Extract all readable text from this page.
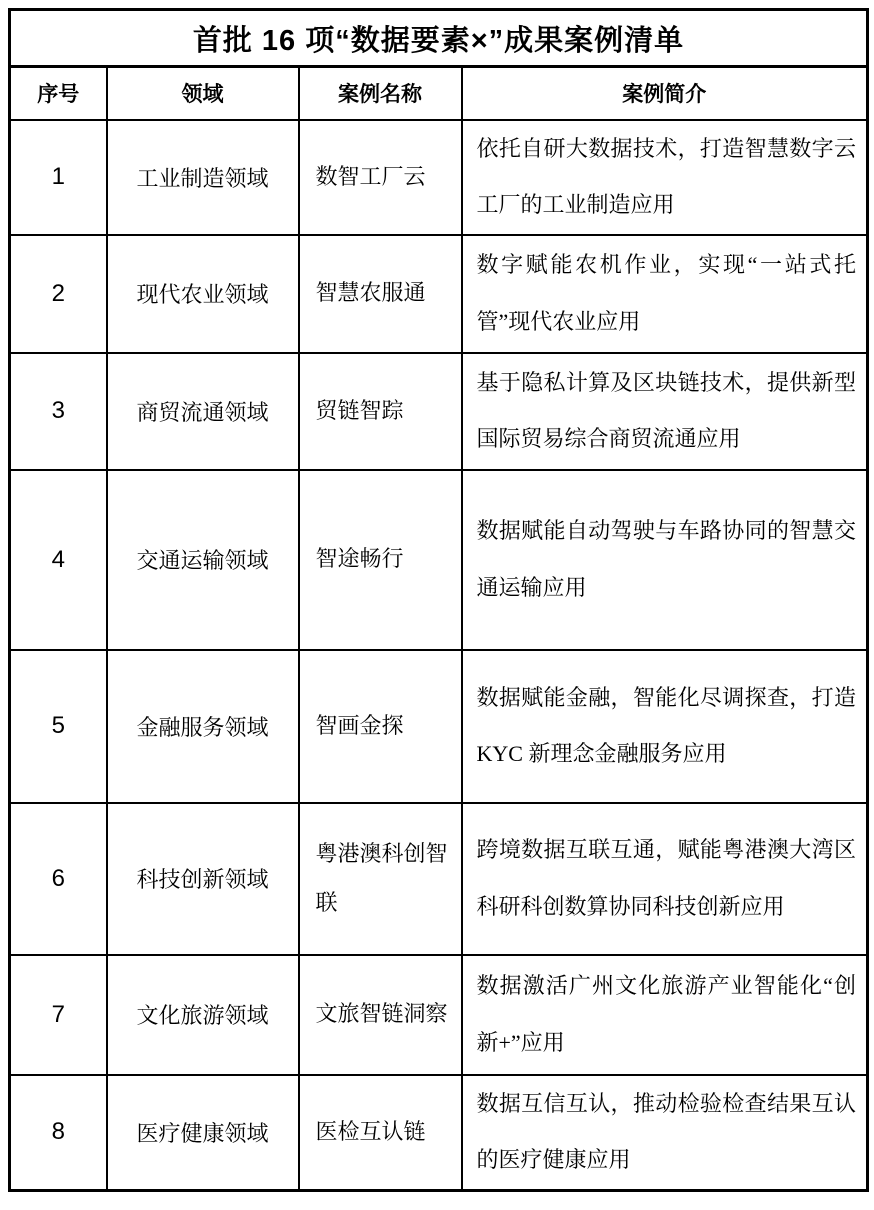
首批 16 项“数据要素×”成果案例清单			
序号	领域	案例名称	案例简介
1	工业制造领域	数智工厂云	依托自研大数据技术，打造智慧数字云工厂的工业制造应用
2	现代农业领域	智慧农服通	数字赋能农机作业，实现“一站式托管”现代农业应用
3	商贸流通领域	贸链智踪	基于隐私计算及区块链技术，提供新型国际贸易综合商贸流通应用
4	交通运输领域	智途畅行	数据赋能自动驾驶与车路协同的智慧交通运输应用
5	金融服务领域	智画金探	数据赋能金融，智能化尽调探查，打造 KYC 新理念金融服务应用
6	科技创新领域	粤港澳科创智联	跨境数据互联互通，赋能粤港澳大湾区科研科创数算协同科技创新应用
7	文化旅游领域	文旅智链洞察	数据激活广州文化旅游产业智能化“创新+”应用
8	医疗健康领域	医检互认链	数据互信互认，推动检验检查结果互认的医疗健康应用
